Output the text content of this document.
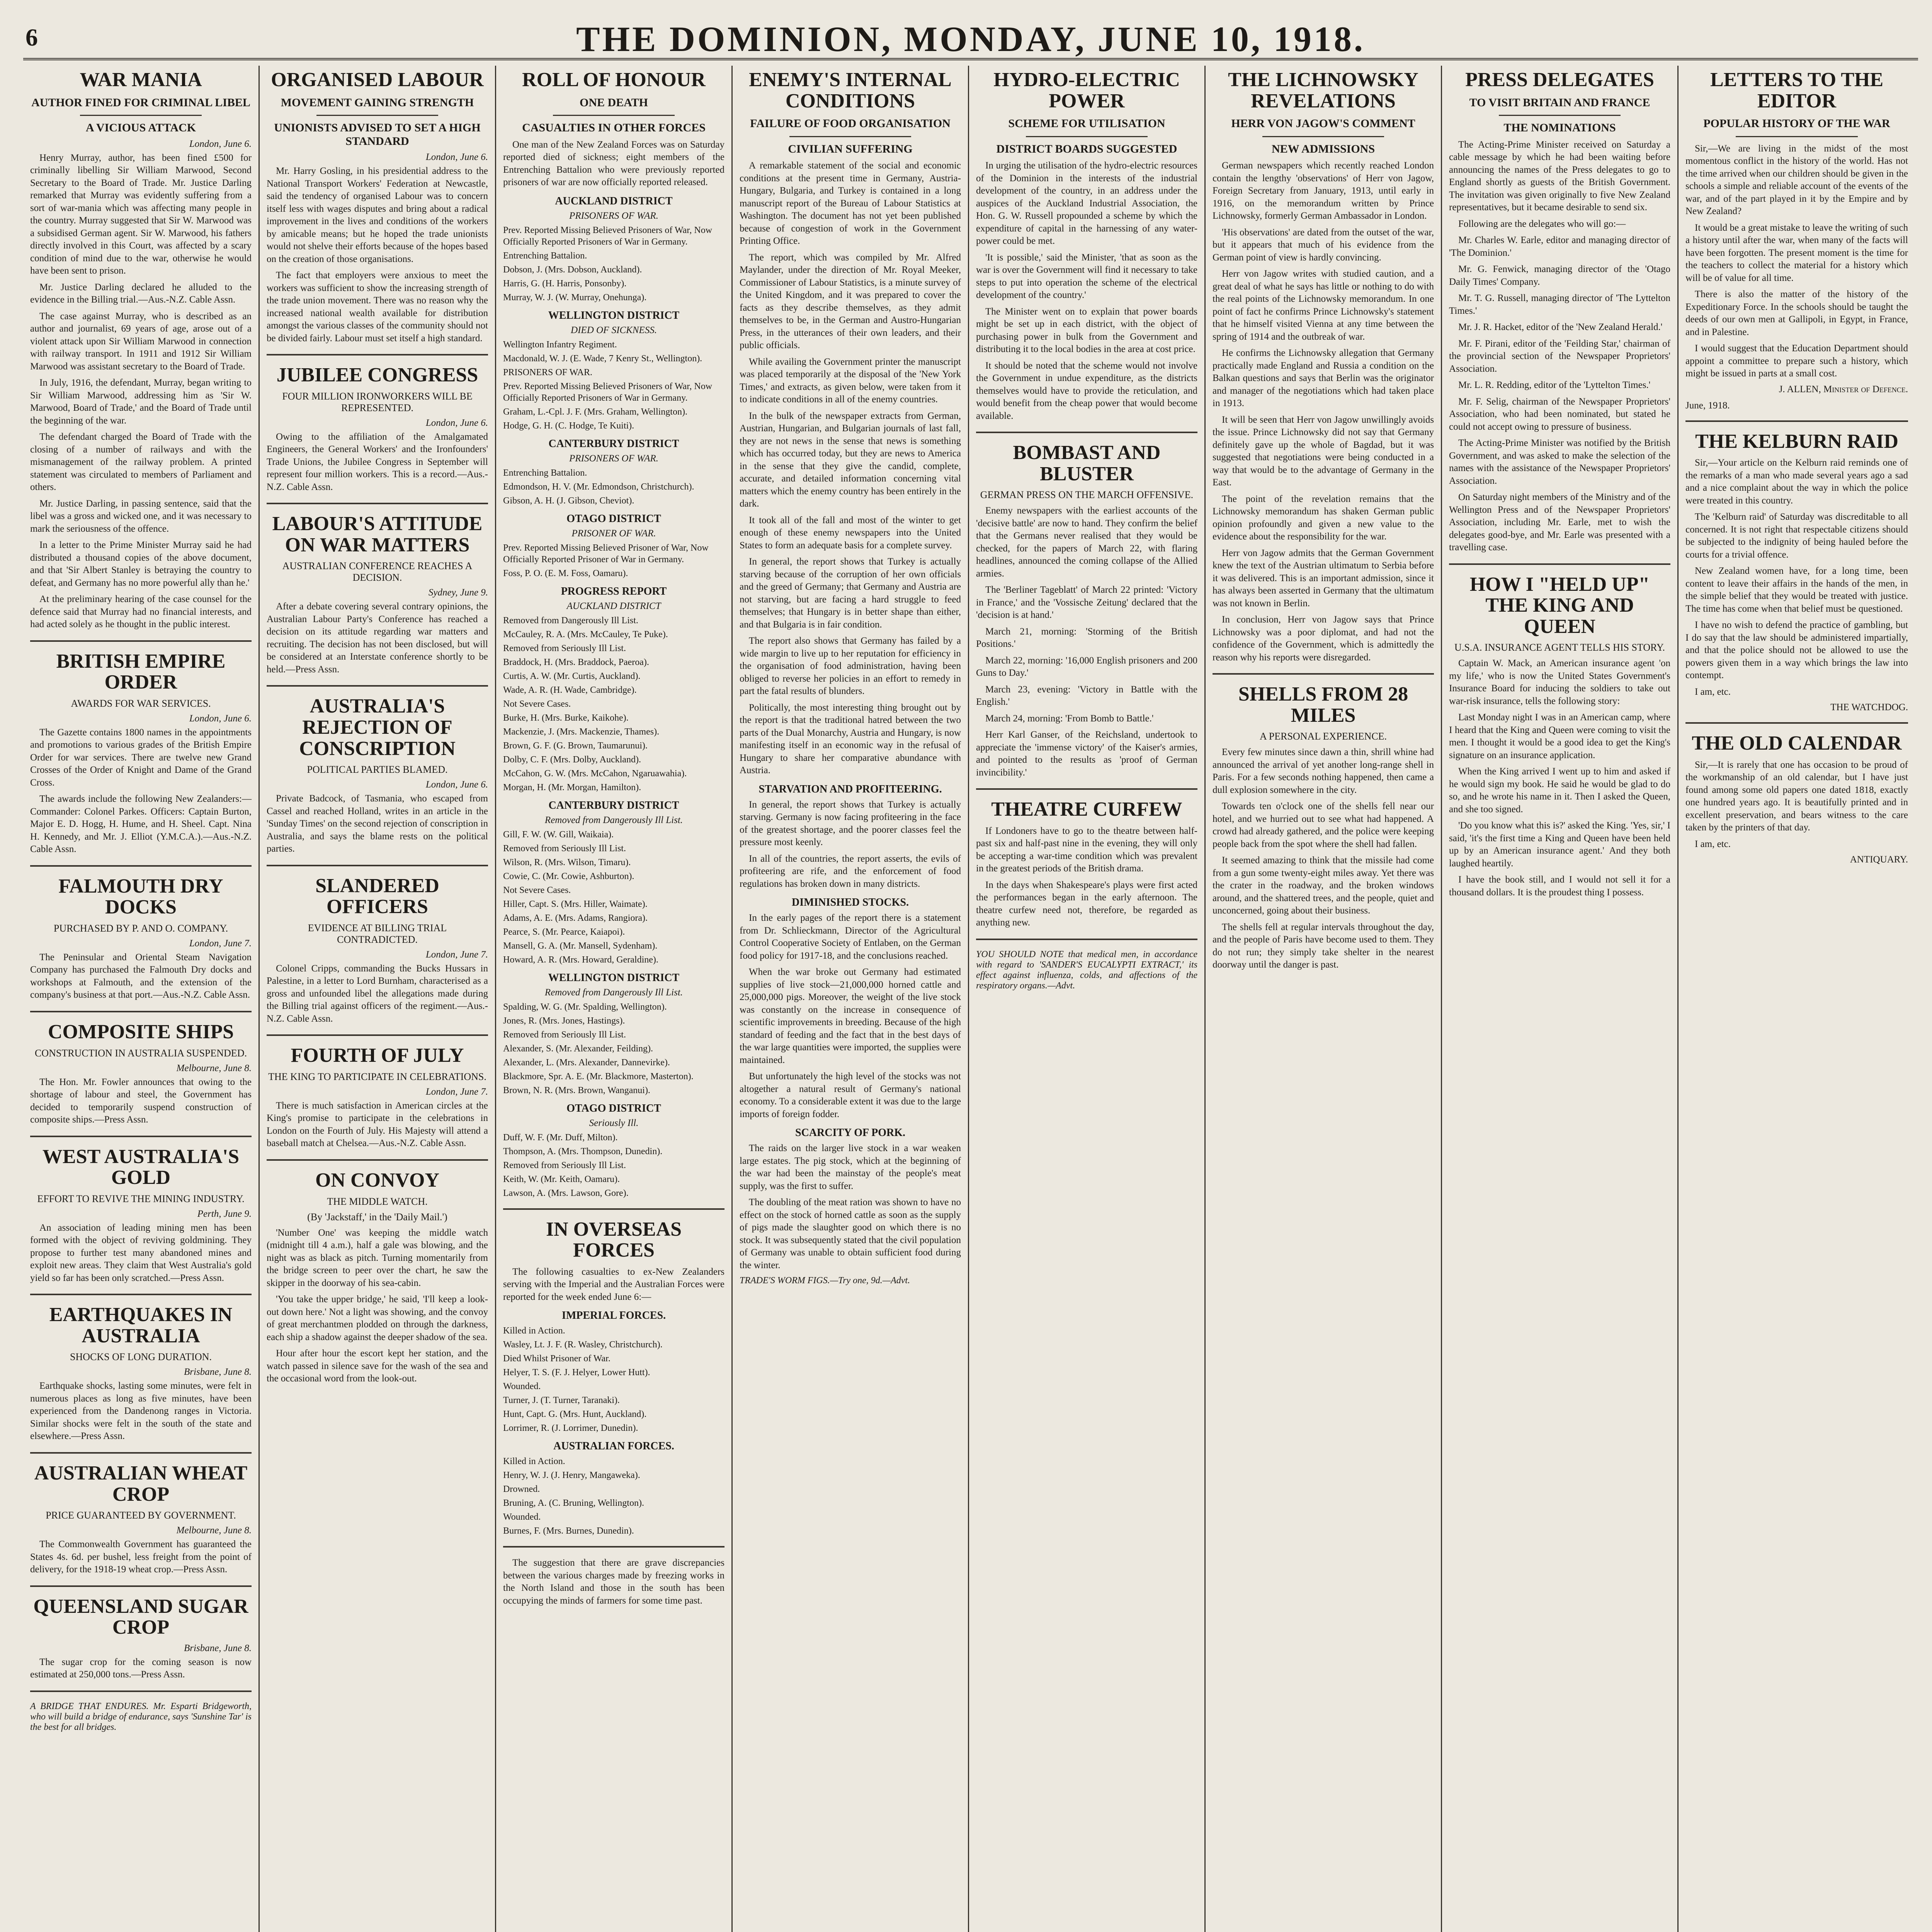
6	THE DOMINION, MONDAY, JUNE 10, 1918.
WAR MANIA
AUTHOR FINED FOR CRIMINAL LIBEL
A VICIOUS ATTACK
London, June 6.

Henry Murray, author, has been fined £500 for criminally libelling Sir William Marwood, Second Secretary to the Board of Trade. Mr. Justice Darling remarked that Murray was evidently suffering from a sort of war-mania which was affecting many people in the country. Murray suggested that Sir W. Marwood was a subsidised German agent. Sir W. Marwood, his fathers directly involved in this Court, was affected by a scary condition of mind due to the war, otherwise he would have been sent to prison.

Mr. Justice Darling declared he alluded to the evidence in the Billing trial.—Aus.-N.Z. Cable Assn.

The case against Murray, who is described as an author and journalist, 69 years of age, arose out of a violent attack upon Sir William Marwood in connection with railway transport. In 1911 and 1912 Sir William Marwood was assistant secretary to the Board of Trade.

In July, 1916, the defendant, Murray, began writing to Sir William Marwood, addressing him as 'Sir W. Marwood, Board of Trade,' and the Board of Trade until the beginning of the war.

The defendant charged the Board of Trade with the closing of a number of railways and with the mismanagement of the railway problem. A printed statement was circulated to members of Parliament and others.

Mr. Justice Darling, in passing sentence, said that the libel was a gross and wicked one, and it was necessary to mark the seriousness of the offence.

In a letter to the Prime Minister Murray said he had distributed a thousand copies of the above document, and that 'Sir Albert Stanley is betraying the country to defeat, and Germany has no more powerful ally than he.'

At the preliminary hearing of the case counsel for the defence said that Murray had no financial interests, and had acted solely as he thought in the public interest.

BRITISH EMPIRE ORDER
AWARDS FOR WAR SERVICES.
London, June 6.

The Gazette contains 1800 names in the appointments and promotions to various grades of the British Empire Order for war services. There are twelve new Grand Crosses of the Order of Knight and Dame of the Grand Cross.

The awards include the following New Zealanders:—Commander: Colonel Parkes. Officers: Captain Burton, Major E. D. Hogg, H. Hume, and H. Sheel. Capt. Nina H. Kennedy, and Mr. J. Elliot (Y.M.C.A.).—Aus.-N.Z. Cable Assn.

FALMOUTH DRY DOCKS
PURCHASED BY P. AND O. COMPANY.
London, June 7.

The Peninsular and Oriental Steam Navigation Company has purchased the Falmouth Dry docks and workshops at Falmouth, and the extension of the company's business at that port.—Aus.-N.Z. Cable Assn.

COMPOSITE SHIPS
CONSTRUCTION IN AUSTRALIA SUSPENDED.
Melbourne, June 8.

The Hon. Mr. Fowler announces that owing to the shortage of labour and steel, the Government has decided to temporarily suspend construction of composite ships.—Press Assn.

WEST AUSTRALIA'S GOLD
EFFORT TO REVIVE THE MINING INDUSTRY.
Perth, June 9.

An association of leading mining men has been formed with the object of reviving goldmining. They propose to further test many abandoned mines and exploit new areas. They claim that West Australia's gold yield so far has been only scratched.—Press Assn.

EARTHQUAKES IN AUSTRALIA
SHOCKS OF LONG DURATION.
Brisbane, June 8.

Earthquake shocks, lasting some minutes, were felt in numerous places as long as five minutes, have been experienced from the Dandenong ranges in Victoria. Similar shocks were felt in the south of the state and elsewhere.—Press Assn.

AUSTRALIAN WHEAT CROP
PRICE GUARANTEED BY GOVERNMENT.
Melbourne, June 8.

The Commonwealth Government has guaranteed the States 4s. 6d. per bushel, less freight from the point of delivery, for the 1918-19 wheat crop.—Press Assn.

QUEENSLAND SUGAR CROP
Brisbane, June 8.

The sugar crop for the coming season is now estimated at 250,000 tons.—Press Assn.

A BRIDGE THAT ENDURES. Mr. Esparti Bridgeworth, who will build a bridge of endurance, says 'Sunshine Tar' is the best for all bridges.
ORGANISED LABOUR
MOVEMENT GAINING STRENGTH
UNIONISTS ADVISED TO SET A HIGH STANDARD
London, June 6.

Mr. Harry Gosling, in his presidential address to the National Transport Workers' Federation at Newcastle, said the tendency of organised Labour was to concern itself less with wages disputes and bring about a radical improvement in the lives and conditions of the workers by amicable means; but he hoped the trade unionists would not shelve their efforts because of the hopes based on the creation of those organisations.

The fact that employers were anxious to meet the workers was sufficient to show the increasing strength of the trade union movement. There was no reason why the increased national wealth available for distribution amongst the various classes of the community should not be divided fairly. Labour must set itself a high standard.

JUBILEE CONGRESS
FOUR MILLION IRONWORKERS WILL BE REPRESENTED.
London, June 6.

Owing to the affiliation of the Amalgamated Engineers, the General Workers' and the Ironfounders' Trade Unions, the Jubilee Congress in September will represent four million workers. This is a record.—Aus.-N.Z. Cable Assn.

LABOUR'S ATTITUDE ON WAR MATTERS
AUSTRALIAN CONFERENCE REACHES A DECISION.
Sydney, June 9.

After a debate covering several contrary opinions, the Australian Labour Party's Conference has reached a decision on its attitude regarding war matters and recruiting. The decision has not been disclosed, but will be considered at an Interstate conference shortly to be held.—Press Assn.

AUSTRALIA'S REJECTION OF CONSCRIPTION
POLITICAL PARTIES BLAMED.
London, June 6.

Private Badcock, of Tasmania, who escaped from Cassel and reached Holland, writes in an article in the 'Sunday Times' on the second rejection of conscription in Australia, and says the blame rests on the political parties.

SLANDERED OFFICERS
EVIDENCE AT BILLING TRIAL CONTRADICTED.
London, June 7.

Colonel Cripps, commanding the Bucks Hussars in Palestine, in a letter to Lord Burnham, characterised as a gross and unfounded libel the allegations made during the Billing trial against officers of the regiment.—Aus.-N.Z. Cable Assn.

FOURTH OF JULY
THE KING TO PARTICIPATE IN CELEBRATIONS.
London, June 7.

There is much satisfaction in American circles at the King's promise to participate in the celebrations in London on the Fourth of July. His Majesty will attend a baseball match at Chelsea.—Aus.-N.Z. Cable Assn.

ON CONVOY
THE MIDDLE WATCH.
(By 'Jackstaff,' in the 'Daily Mail.')

'Number One' was keeping the middle watch (midnight till 4 a.m.), half a gale was blowing, and the night was as black as pitch. Turning momentarily from the bridge screen to peer over the chart, he saw the skipper in the doorway of his sea-cabin.

'You take the upper bridge,' he said, 'I'll keep a look-out down here.' Not a light was showing, and the convoy of great merchantmen plodded on through the darkness, each ship a shadow against the deeper shadow of the sea.

Hour after hour the escort kept her station, and the watch passed in silence save for the wash of the sea and the occasional word from the look-out.

ROLL OF HONOUR
ONE DEATH
CASUALTIES IN OTHER FORCES

One man of the New Zealand Forces was on Saturday reported died of sickness; eight members of the Entrenching Battalion who were previously reported prisoners of war are now officially reported released.

AUCKLAND DISTRICT
PRISONERS OF WAR.
Prev. Reported Missing Believed Prisoners of War, Now Officially Reported Prisoners of War in Germany.
Entrenching Battalion.
Dobson, J. (Mrs. Dobson, Auckland).
Harris, G. (H. Harris, Ponsonby).
Murray, W. J. (W. Murray, Onehunga).
WELLINGTON DISTRICT
DIED OF SICKNESS.
Wellington Infantry Regiment.
Macdonald, W. J. (E. Wade, 7 Kenry St., Wellington).
PRISONERS OF WAR.
Prev. Reported Missing Believed Prisoners of War, Now Officially Reported Prisoners of War in Germany.
Graham, L.-Cpl. J. F. (Mrs. Graham, Wellington).
Hodge, G. H. (C. Hodge, Te Kuiti).
CANTERBURY DISTRICT
PRISONERS OF WAR.
Entrenching Battalion.
Edmondson, H. V. (Mr. Edmondson, Christchurch).
Gibson, A. H. (J. Gibson, Cheviot).
OTAGO DISTRICT
PRISONER OF WAR.
Prev. Reported Missing Believed Prisoner of War, Now Officially Reported Prisoner of War in Germany.
Foss, P. O. (E. M. Foss, Oamaru).
PROGRESS REPORT
AUCKLAND DISTRICT
Removed from Dangerously Ill List.
McCauley, R. A. (Mrs. McCauley, Te Puke).
Removed from Seriously Ill List.
Braddock, H. (Mrs. Braddock, Paeroa).
Curtis, A. W. (Mr. Curtis, Auckland).
Wade, A. R. (H. Wade, Cambridge).
Not Severe Cases.
Burke, H. (Mrs. Burke, Kaikohe).
Mackenzie, J. (Mrs. Mackenzie, Thames).
Brown, G. F. (G. Brown, Taumarunui).
Dolby, C. F. (Mrs. Dolby, Auckland).
McCahon, G. W. (Mrs. McCahon, Ngaruawahia).
Morgan, H. (Mr. Morgan, Hamilton).
CANTERBURY DISTRICT
Removed from Dangerously Ill List.
Gill, F. W. (W. Gill, Waikaia).
Removed from Seriously Ill List.
Wilson, R. (Mrs. Wilson, Timaru).
Cowie, C. (Mr. Cowie, Ashburton).
Not Severe Cases.
Hiller, Capt. S. (Mrs. Hiller, Waimate).
Adams, A. E. (Mrs. Adams, Rangiora).
Pearce, S. (Mr. Pearce, Kaiapoi).
Mansell, G. A. (Mr. Mansell, Sydenham).
Howard, A. R. (Mrs. Howard, Geraldine).
WELLINGTON DISTRICT
Removed from Dangerously Ill List.
Spalding, W. G. (Mr. Spalding, Wellington).
Jones, R. (Mrs. Jones, Hastings).
Removed from Seriously Ill List.
Alexander, S. (Mr. Alexander, Feilding).
Alexander, L. (Mrs. Alexander, Dannevirke).
Blackmore, Spr. A. E. (Mr. Blackmore, Masterton).
Brown, N. R. (Mrs. Brown, Wanganui).
OTAGO DISTRICT
Seriously Ill.
Duff, W. F. (Mr. Duff, Milton).
Thompson, A. (Mrs. Thompson, Dunedin).
Removed from Seriously Ill List.
Keith, W. (Mr. Keith, Oamaru).
Lawson, A. (Mrs. Lawson, Gore).
IN OVERSEAS FORCES

The following casualties to ex-New Zealanders serving with the Imperial and the Australian Forces were reported for the week ended June 6:—

IMPERIAL FORCES.
Killed in Action.
Wasley, Lt. J. F. (R. Wasley, Christchurch).
Died Whilst Prisoner of War.
Helyer, T. S. (F. J. Helyer, Lower Hutt).
Wounded.
Turner, J. (T. Turner, Taranaki).
Hunt, Capt. G. (Mrs. Hunt, Auckland).
Lorrimer, R. (J. Lorrimer, Dunedin).
AUSTRALIAN FORCES.
Killed in Action.
Henry, W. J. (J. Henry, Mangaweka).
Drowned.
Bruning, A. (C. Bruning, Wellington).
Wounded.
Burnes, F. (Mrs. Burnes, Dunedin).

The suggestion that there are grave discrepancies between the various charges made by freezing works in the North Island and those in the south has been occupying the minds of farmers for some time past.

ENEMY'S INTERNAL CONDITIONS
FAILURE OF FOOD ORGANISATION
CIVILIAN SUFFERING

A remarkable statement of the social and economic conditions at the present time in Germany, Austria-Hungary, Bulgaria, and Turkey is contained in a long manuscript report of the Bureau of Labour Statistics at Washington. The document has not yet been published because of congestion of work in the Government Printing Office.

The report, which was compiled by Mr. Alfred Maylander, under the direction of Mr. Royal Meeker, Commissioner of Labour Statistics, is a minute survey of the United Kingdom, and it was prepared to cover the facts as they describe themselves, as they admit themselves to be, in the German and Austro-Hungarian Press, in the utterances of their own leaders, and their public officials.

While availing the Government printer the manuscript was placed temporarily at the disposal of the 'New York Times,' and extracts, as given below, were taken from it to indicate conditions in all of the enemy countries.

In the bulk of the newspaper extracts from German, Austrian, Hungarian, and Bulgarian journals of last fall, they are not news in the sense that news is something which has occurred today, but they are news to America in the sense that they give the candid, complete, accurate, and detailed information concerning vital matters which the enemy country has been entirely in the dark.

It took all of the fall and most of the winter to get enough of these enemy newspapers into the United States to form an adequate basis for a complete survey.

In general, the report shows that Turkey is actually starving because of the corruption of her own officials and the greed of Germany; that Germany and Austria are not starving, but are facing a hard struggle to feed themselves; that Hungary is in better shape than either, and that Bulgaria is in fair condition.

The report also shows that Germany has failed by a wide margin to live up to her reputation for efficiency in the organisation of food administration, having been obliged to reverse her policies in an effort to remedy in part the fatal results of blunders.

Politically, the most interesting thing brought out by the report is that the traditional hatred between the two parts of the Dual Monarchy, Austria and Hungary, is now manifesting itself in an economic way in the refusal of Hungary to share her comparative abundance with Austria.

STARVATION AND PROFITEERING.

In general, the report shows that Turkey is actually starving. Germany is now facing profiteering in the face of the greatest shortage, and the poorer classes feel the pressure most keenly.

In all of the countries, the report asserts, the evils of profiteering are rife, and the enforcement of food regulations has broken down in many districts.

DIMINISHED STOCKS.

In the early pages of the report there is a statement from Dr. Schlieckmann, Director of the Agricultural Control Cooperative Society of Entlaben, on the German food policy for 1917-18, and the conclusions reached.

When the war broke out Germany had estimated supplies of live stock—21,000,000 horned cattle and 25,000,000 pigs. Moreover, the weight of the live stock was constantly on the increase in consequence of scientific improvements in breeding. Because of the high standard of feeding and the fact that in the best days of the war large quantities were imported, the supplies were maintained.

But unfortunately the high level of the stocks was not altogether a natural result of Germany's national economy. To a considerable extent it was due to the large imports of foreign fodder.

SCARCITY OF PORK.

The raids on the larger live stock in a war weaken large estates. The pig stock, which at the beginning of the war had been the mainstay of the people's meat supply, was the first to suffer.

The doubling of the meat ration was shown to have no effect on the stock of horned cattle as soon as the supply of pigs made the slaughter good on which there is no stock. It was subsequently stated that the civil population of Germany was unable to obtain sufficient food during the winter.

TRADE'S WORM FIGS.—Try one, 9d.—Advt.
HYDRO-ELECTRIC POWER
SCHEME FOR UTILISATION
DISTRICT BOARDS SUGGESTED

In urging the utilisation of the hydro-electric resources of the Dominion in the interests of the industrial development of the country, in an address under the auspices of the Auckland Industrial Association, the Hon. G. W. Russell propounded a scheme by which the expenditure of capital in the harnessing of any water-power could be met.

'It is possible,' said the Minister, 'that as soon as the war is over the Government will find it necessary to take steps to put into operation the scheme of the electrical development of the country.'

The Minister went on to explain that power boards might be set up in each district, with the object of purchasing power in bulk from the Government and distributing it to the local bodies in the area at cost price.

It should be noted that the scheme would not involve the Government in undue expenditure, as the districts themselves would have to provide the reticulation, and would benefit from the cheap power that would become available.

BOMBAST AND BLUSTER
GERMAN PRESS ON THE MARCH OFFENSIVE.

Enemy newspapers with the earliest accounts of the 'decisive battle' are now to hand. They confirm the belief that the Germans never realised that they would be checked, for the papers of March 22, with flaring headlines, announced the coming collapse of the Allied armies.

The 'Berliner Tageblatt' of March 22 printed: 'Victory in France,' and the 'Vossische Zeitung' declared that the 'decision is at hand.'

March 21, morning: 'Storming of the British Positions.'

March 22, morning: '16,000 English prisoners and 200 Guns to Day.'

March 23, evening: 'Victory in Battle with the English.'

March 24, morning: 'From Bomb to Battle.'

Herr Karl Ganser, of the Reichsland, undertook to appreciate the 'immense victory' of the Kaiser's armies, and pointed to the results as 'proof of German invincibility.'

THEATRE CURFEW

If Londoners have to go to the theatre between half-past six and half-past nine in the evening, they will only be accepting a war-time condition which was prevalent in the greatest periods of the British drama.

In the days when Shakespeare's plays were first acted the performances began in the early afternoon. The theatre curfew need not, therefore, be regarded as anything new.

YOU SHOULD NOTE that medical men, in accordance with regard to 'SANDER'S EUCALYPTI EXTRACT,' its effect against influenza, colds, and affections of the respiratory organs.—Advt.
THE LICHNOWSKY REVELATIONS
HERR VON JAGOW'S COMMENT
NEW ADMISSIONS

German newspapers which recently reached London contain the lengthy 'observations' of Herr von Jagow, Foreign Secretary from January, 1913, until early in 1916, on the memorandum written by Prince Lichnowsky, formerly German Ambassador in London.

'His observations' are dated from the outset of the war, but it appears that much of his evidence from the German point of view is hardly convincing.

Herr von Jagow writes with studied caution, and a great deal of what he says has little or nothing to do with the real points of the Lichnowsky memorandum. In one point of fact he confirms Prince Lichnowsky's statement that he himself visited Vienna at any time between the spring of 1914 and the outbreak of war.

He confirms the Lichnowsky allegation that Germany practically made England and Russia a condition on the Balkan questions and says that Berlin was the originator and manager of the negotiations which had taken place in 1913.

It will be seen that Herr von Jagow unwillingly avoids the issue. Prince Lichnowsky did not say that Germany definitely gave up the whole of Bagdad, but it was suggested that negotiations were being conducted in a way that would be to the advantage of Germany in the East.

The point of the revelation remains that the Lichnowsky memorandum has shaken German public opinion profoundly and given a new value to the evidence about the responsibility for the war.

Herr von Jagow admits that the German Government knew the text of the Austrian ultimatum to Serbia before it was delivered. This is an important admission, since it has always been asserted in Germany that the ultimatum was not known in Berlin.

In conclusion, Herr von Jagow says that Prince Lichnowsky was a poor diplomat, and had not the confidence of the Government, which is admittedly the reason why his reports were disregarded.

SHELLS FROM 28 MILES
A PERSONAL EXPERIENCE.

Every few minutes since dawn a thin, shrill whine had announced the arrival of yet another long-range shell in Paris. For a few seconds nothing happened, then came a dull explosion somewhere in the city.

Towards ten o'clock one of the shells fell near our hotel, and we hurried out to see what had happened. A crowd had already gathered, and the police were keeping people back from the spot where the shell had fallen.

It seemed amazing to think that the missile had come from a gun some twenty-eight miles away. Yet there was the crater in the roadway, and the broken windows around, and the shattered trees, and the people, quiet and unconcerned, going about their business.

The shells fell at regular intervals throughout the day, and the people of Paris have become used to them. They do not run; they simply take shelter in the nearest doorway until the danger is past.

PRESS DELEGATES
TO VISIT BRITAIN AND FRANCE
THE NOMINATIONS

The Acting-Prime Minister received on Saturday a cable message by which he had been waiting before announcing the names of the Press delegates to go to England shortly as guests of the British Government. The invitation was given originally to five New Zealand representatives, but it became desirable to send six.

Following are the delegates who will go:—

Mr. Charles W. Earle, editor and managing director of 'The Dominion.'

Mr. G. Fenwick, managing director of the 'Otago Daily Times' Company.

Mr. T. G. Russell, managing director of 'The Lyttelton Times.'

Mr. J. R. Hacket, editor of the 'New Zealand Herald.'

Mr. F. Pirani, editor of the 'Feilding Star,' chairman of the provincial section of the Newspaper Proprietors' Association.

Mr. L. R. Redding, editor of the 'Lyttelton Times.'

Mr. F. Selig, chairman of the Newspaper Proprietors' Association, who had been nominated, but stated he could not accept owing to pressure of business.

The Acting-Prime Minister was notified by the British Government, and was asked to make the selection of the names with the assistance of the Newspaper Proprietors' Association.

On Saturday night members of the Ministry and of the Wellington Press and of the Newspaper Proprietors' Association, including Mr. Earle, met to wish the delegates good-bye, and Mr. Earle was presented with a travelling case.

HOW I "HELD UP" THE KING AND QUEEN
U.S.A. INSURANCE AGENT TELLS HIS STORY.

Captain W. Mack, an American insurance agent 'on my life,' who is now the United States Government's Insurance Board for inducing the soldiers to take out war-risk insurance, tells the following story:

Last Monday night I was in an American camp, where I heard that the King and Queen were coming to visit the men. I thought it would be a good idea to get the King's signature on an insurance application.

When the King arrived I went up to him and asked if he would sign my book. He said he would be glad to do so, and he wrote his name in it. Then I asked the Queen, and she too signed.

'Do you know what this is?' asked the King. 'Yes, sir,' I said, 'it's the first time a King and Queen have been held up by an American insurance agent.' And they both laughed heartily.

I have the book still, and I would not sell it for a thousand dollars. It is the proudest thing I possess.

LETTERS TO THE EDITOR
POPULAR HISTORY OF THE WAR

Sir,—We are living in the midst of the most momentous conflict in the history of the world. Has not the time arrived when our children should be given in the schools a simple and reliable account of the events of the war, and of the part played in it by the Empire and by New Zealand?

It would be a great mistake to leave the writing of such a history until after the war, when many of the facts will have been forgotten. The present moment is the time for the teachers to collect the material for a history which will be of value for all time.

There is also the matter of the history of the Expeditionary Force. In the schools should be taught the deeds of our own men at Gallipoli, in Egypt, in France, and in Palestine.

I would suggest that the Education Department should appoint a committee to prepare such a history, which might be issued in parts at a small cost.

J. ALLEN, Minister of Defence.
June, 1918.
THE KELBURN RAID

Sir,—Your article on the Kelburn raid reminds one of the remarks of a man who made several years ago a sad and a nice complaint about the way in which the police were treated in this country.

The 'Kelburn raid' of Saturday was discreditable to all concerned. It is not right that respectable citizens should be subjected to the indignity of being hauled before the courts for a trivial offence.

New Zealand women have, for a long time, been content to leave their affairs in the hands of the men, in the simple belief that they would be treated with justice. The time has come when that belief must be questioned.

I have no wish to defend the practice of gambling, but I do say that the law should be administered impartially, and that the police should not be allowed to use the powers given them in a way which brings the law into contempt.

I am, etc.

THE WATCHDOG.
THE OLD CALENDAR

Sir,—It is rarely that one has occasion to be proud of the workmanship of an old calendar, but I have just found among some old papers one dated 1818, exactly one hundred years ago. It is beautifully printed and in excellent preservation, and bears witness to the care taken by the printers of that day.

I am, etc.

ANTIQUARY.
